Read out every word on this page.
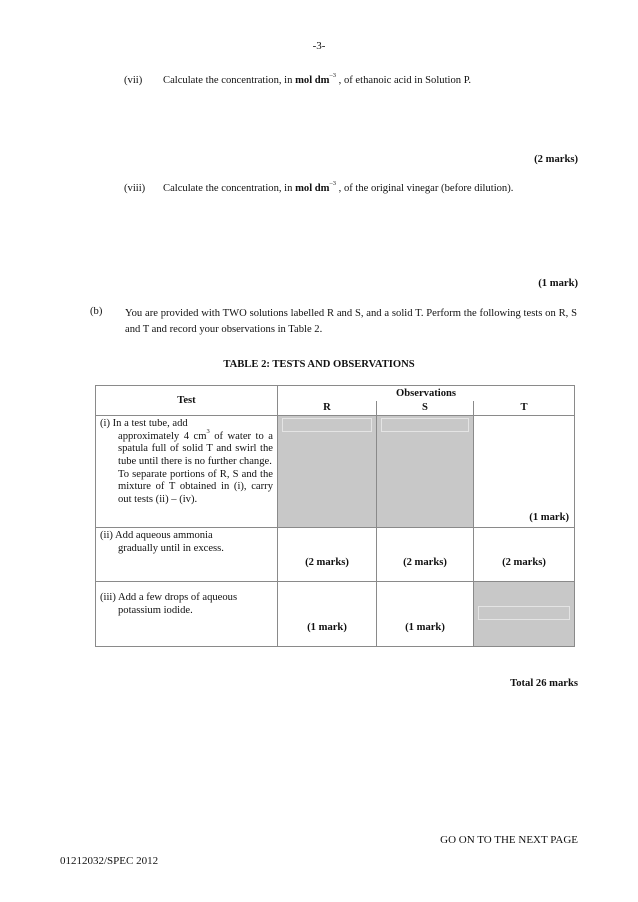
-3-
(vii) Calculate the concentration, in mol $dm^{-3}$ , of ethanoic acid in Solution P.
(2 marks)
(viii) Calculate the concentration, in mol $dm^{-3}$ , of the original vinegar (before dilution).
(1 mark)
(b) You are provided with TWO solutions labelled R and S, and a solid T. Perform the following tests on R, S and T and record your observations in Table 2.
TABLE 2: TESTS AND OBSERVATIONS
Test	Observations		
	R	S	T

(i) In a test tube, add
approximately 4 $cm^3$ of water to a spatula full of solid T and swirl the tube until there is no further change.
To separate portions of R, S and the mixture of T obtained in (i), carry out tests (ii) – (iv).			(1 mark)

(ii) Add aqueous ammonia
gradually until in excess.	(2 marks)	(2 marks)	(2 marks)

(iii) Add a few drops of aqueous
potassium iodide.	(1 mark)	(1 mark)	
Total 26 marks
GO ON TO THE NEXT PAGE
01212032/SPEC 2012
